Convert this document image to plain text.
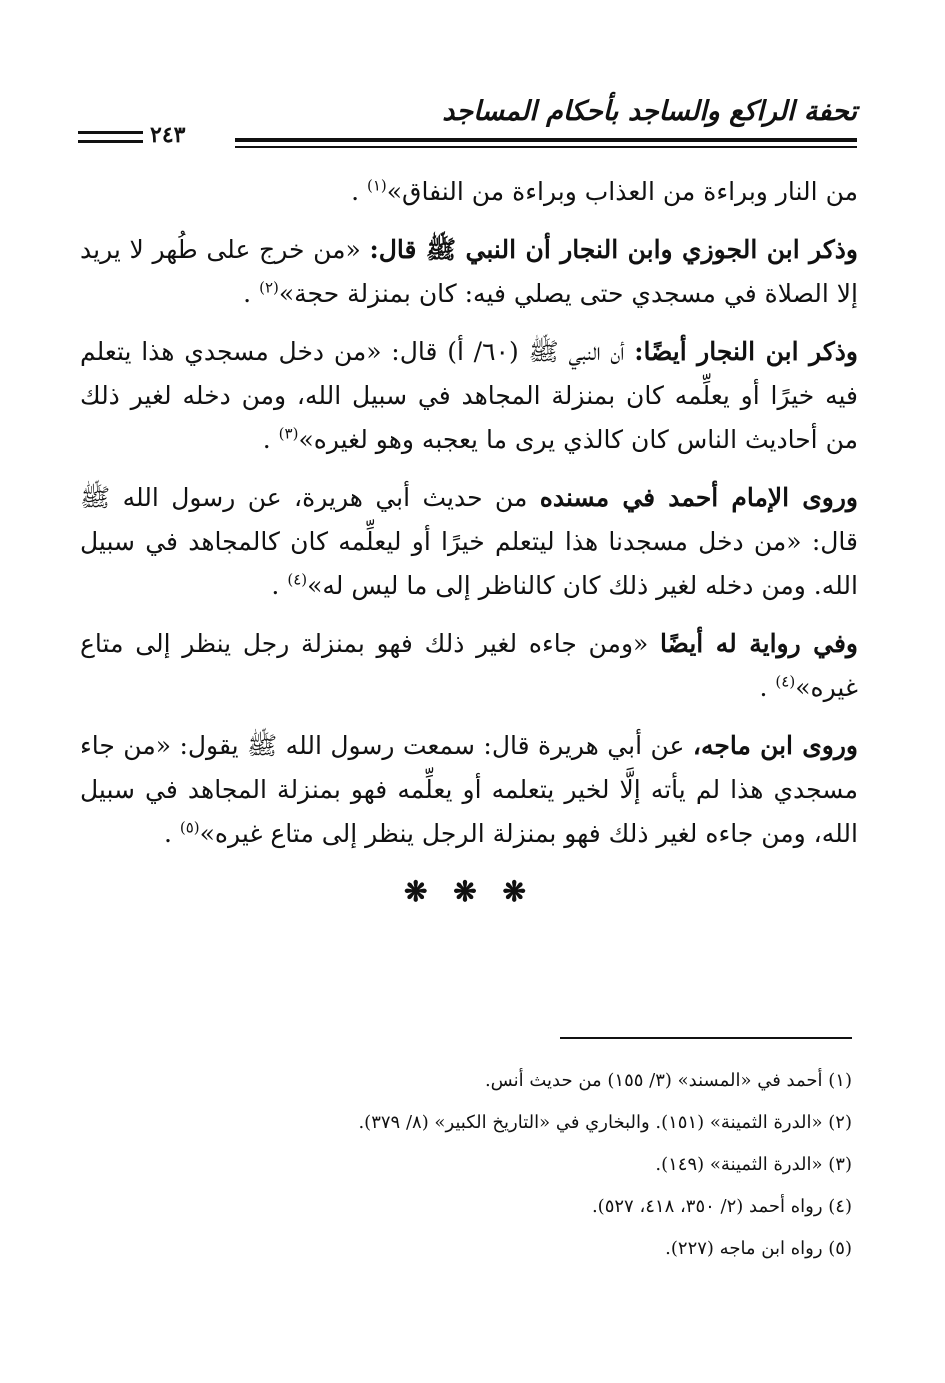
تحفة الراكع والساجد بأحكام المساجد
٢٤٣

من النار وبراءة من العذاب وبراءة من النفاق»$^{(١)}$ .

وذكر ابن الجوزي وابن النجار أن النبي ﷺ قال: «من خرج على طُهر لا يريد إلا الصلاة في مسجدي حتى يصلي فيه: كان بمنزلة حجة»$^{(٢)}$ .

وذكر ابن النجار أيضًا: أن النبي ﷺ (٦٠/ أ) قال: «من دخل مسجدي هذا يتعلم فيه خيرًا أو يعلِّمه كان بمنزلة المجاهد في سبيل الله، ومن دخله لغير ذلك من أحاديث الناس كان كالذي يرى ما يعجبه وهو لغيره»$^{(٣)}$ .

وروى الإمام أحمد في مسنده من حديث أبي هريرة، عن رسول الله ﷺ قال: «من دخل مسجدنا هذا ليتعلم خيرًا أو ليعلِّمه كان كالمجاهد في سبيل الله. ومن دخله لغير ذلك كان كالناظر إلى ما ليس له»$^{(٤)}$ .

وفي رواية له أيضًا «ومن جاءه لغير ذلك فهو بمنزلة رجل ينظر إلى متاع غيره»$^{(٤)}$ .

وروى ابن ماجه، عن أبي هريرة قال: سمعت رسول الله ﷺ يقول: «من جاء مسجدي هذا لم يأته إلَّا لخير يتعلمه أو يعلِّمه فهو بمنزلة المجاهد في سبيل الله، ومن جاءه لغير ذلك فهو بمنزلة الرجل ينظر إلى متاع غيره»$^{(٥)}$ .

❋ ❋ ❋

(١) أحمد في «المسند» (٣/ ١٥٥) من حديث أنس.

(٢) «الدرة الثمينة» (١٥١). والبخاري في «التاريخ الكبير» (٨/ ٣٧٩).

(٣) «الدرة الثمينة» (١٤٩).

(٤) رواه أحمد (٢/ ٣٥٠، ٤١٨، ٥٢٧).

(٥) رواه ابن ماجه (٢٢٧).
